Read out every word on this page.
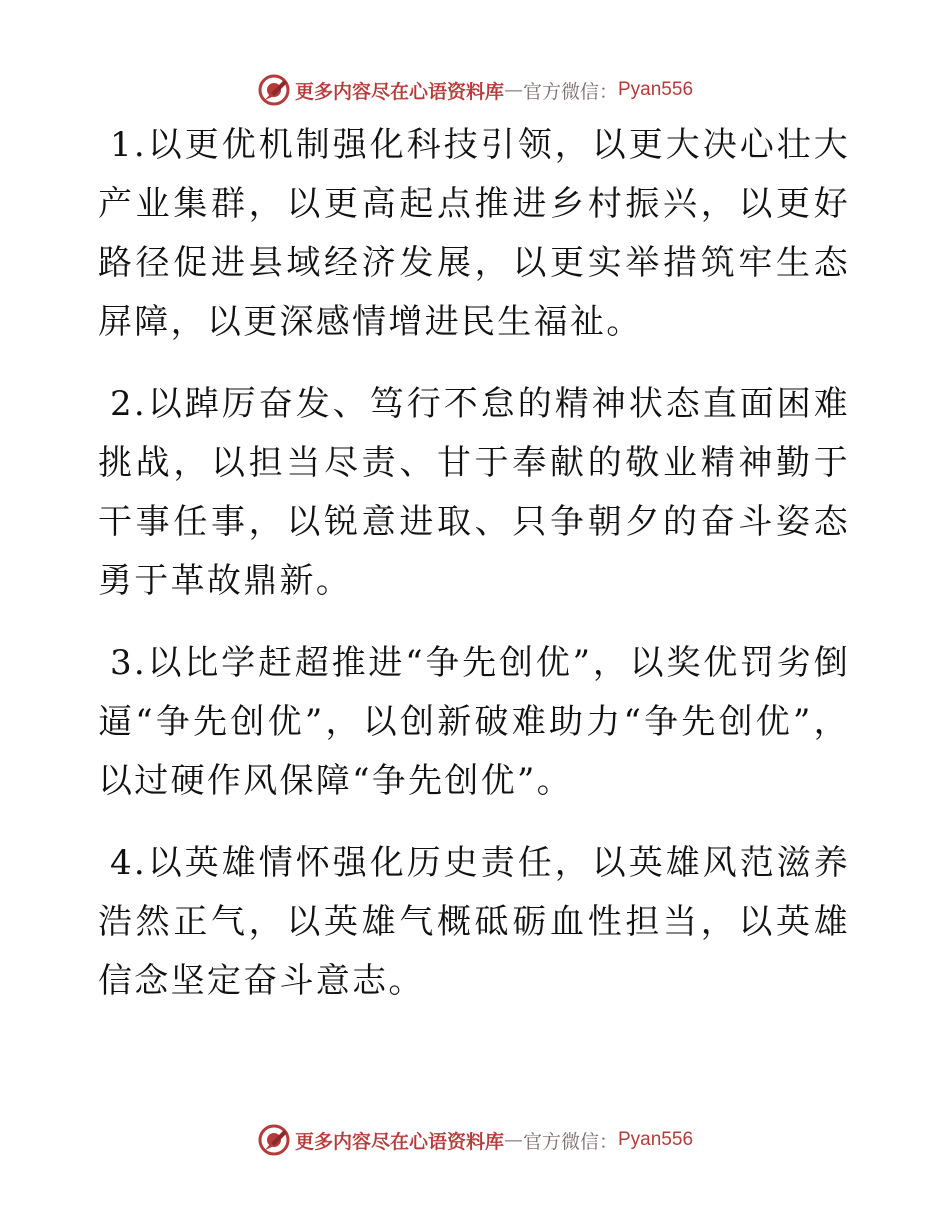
更多内容尽在心语资料库 — 官方微信： Pyan556

1.以更优机制强化科技引领，以更大决心壮大产业集群，以更高起点推进乡村振兴，以更好路径促进县域经济发展，以更实举措筑牢生态屏障，以更深感情增进民生福祉。

2.以踔厉奋发、笃行不怠的精神状态直面困难挑战，以担当尽责、甘于奉献的敬业精神勤于干事任事，以锐意进取、只争朝夕的奋斗姿态勇于革故鼎新。

3.以比学赶超推进“争先创优”，以奖优罚劣倒逼“争先创优”，以创新破难助力“争先创优”，以过硬作风保障“争先创优”。

4.以英雄情怀强化历史责任，以英雄风范滋养浩然正气，以英雄气概砥砺血性担当，以英雄信念坚定奋斗意志。

更多内容尽在心语资料库 — 官方微信： Pyan556
